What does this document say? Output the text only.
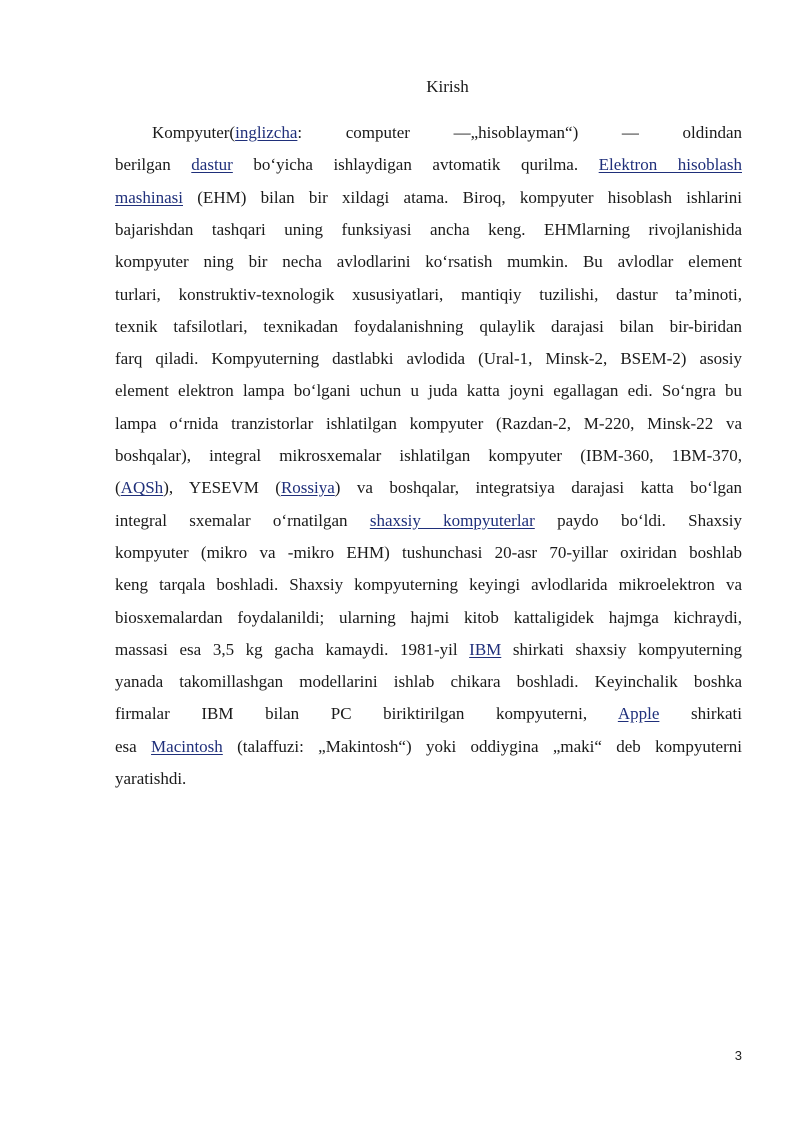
Kirish
Kompyuter(inglizcha: computer —„hisoblayman“) — oldindan
berilgan dastur bo‘yicha ishlaydigan avtomatik qurilma. Elektron hisoblash
mashinasi (EHM) bilan bir xildagi atama. Biroq, kompyuter hisoblash ishlarini
bajarishdan tashqari uning funksiyasi ancha keng. EHMlarning rivojlanishida
kompyuter ning bir necha avlodlarini ko‘rsatish mumkin. Bu avlodlar element
turlari, konstruktiv-texnologik xususiyatlari, mantiqiy tuzilishi, dastur ta’minoti,
texnik tafsilotlari, texnikadan foydalanishning qulaylik darajasi bilan bir-biridan
farq qiladi. Kompyuterning dastlabki avlodida (Ural-1, Minsk-2, BSEM-2) asosiy
element elektron lampa bo‘lgani uchun u juda katta joyni egallagan edi. So‘ngra bu
lampa o‘rnida tranzistorlar ishlatilgan kompyuter (Razdan-2, M-220, Minsk-22 va
boshqalar), integral mikrosxemalar ishlatilgan kompyuter (IBM-360, 1BM-370,
(AQSh), YESEVM (Rossiya) va boshqalar, integratsiya darajasi katta bo‘lgan
integral sxemalar o‘rnatilgan shaxsiy kompyuterlar paydo bo‘ldi. Shaxsiy
kompyuter (mikro va -mikro EHM) tushunchasi 20-asr 70-yillar oxiridan boshlab
keng tarqala boshladi. Shaxsiy kompyuterning keyingi avlodlarida mikroelektron va
biosxemalardan foydalanildi; ularning hajmi kitob kattaligidek hajmga kichraydi,
massasi esa 3,5 kg gacha kamaydi. 1981-yil IBM shirkati shaxsiy kompyuterning
yanada takomillashgan modellarini ishlab chikara boshladi. Keyinchalik boshka
firmalar IBM bilan PC biriktirilgan kompyuterni, Apple shirkati
esa Macintosh (talaffuzi: „Makintosh“) yoki oddiygina „maki“ deb kompyuterni
yaratishdi.
3
